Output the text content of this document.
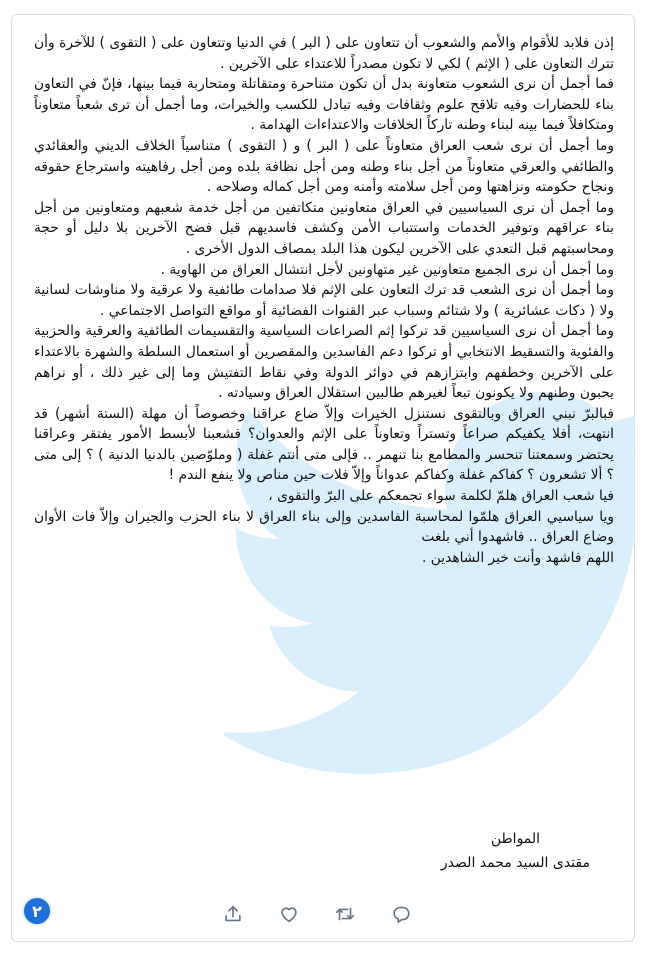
إذن فلابد للأقوام والأمم والشعوب أن تتعاون على ( البر ) في الدنيا وتتعاون على ( التقوى ) للآخرة وأن تترك التعاون على ( الإثم ) لكي لا تكون مصدراً للاعتداء على الآخرين .

فما أجمل أن نرى الشعوب متعاونة بدل أن تكون متناحرة ومتقاتلة ومتحاربة فيما بينها، فإنّ في التعاون بناء للحضارات وفيه تلاقح علوم وثقافات وفيه تبادل للكسب والخيرات، وما أجمل أن ترى شعباً متعاوناً ومتكافلاً فيما بينه لبناء وطنه تاركاً الخلافات والاعتداءات الهدامة .

وما أجمل أن نرى شعب العراق متعاوناً على ( البر ) و ( التقوى ) متناسياً الخلاف الديني والعقائدي والطائفي والعرقي متعاوناً من أجل بناء وطنه ومن أجل نظافة بلده ومن أجل رفاهيته واسترجاع حقوقه ونجاح حكومته ونزاهتها ومن أجل سلامته وأمنه ومن أجل كماله وصلاحه .

وما أجمل أن نرى السياسيين في العراق متعاونين متكاتفين من أجل خدمة شعبهم ومتعاونين من أجل بناء عراقهم وتوفير الخدمات واستتباب الأمن وكشف فاسديهم قبل فضح الآخرين بلا دليل أو حجة ومحاسبتهم قبل التعدي على الآخرين ليكون هذا البلد بمصاف الدول الأخرى .

وما أجمل أن نرى الجميع متعاونين غير متهاونين لأجل انتشال العراق من الهاوية .

وما أجمل أن نرى الشعب قد ترك التعاون على الإثم فلا صدامات طائفية ولا عرقية ولا مناوشات لسانية ولا ( دكات عشائرية ) ولا شتائم وسباب عبر القنوات الفضائية أو مواقع التواصل الاجتماعي .

وما أجمل أن نرى السياسيين قد تركوا إثم الصراعات السياسية والتقسيمات الطائفية والعرقية والحزبية والفئوية والتسقيط الانتخابي أو تركوا دعم الفاسدين والمقصرين أو استعمال السلطة والشهرة بالاعتداء على الآخرين وخطفهم وابتزازهم في دوائر الدولة وفي نقاط التفتيش وما إلى غير ذلك ، أو نراهم يحبون وطنهم ولا يكونون تبعاً لغيرهم طالبين استقلال العراق وسيادته .

فبالبرّ نبني العراق وبالتقوى نستنزل الخيرات وإلاّ ضاع عراقنا وخصوصاً أن مهلة (الستة أشهر) قد انتهت، أفلا يكفيكم صراعاً وتستراً وتعاوناً على الإثم والعدوان؟ فشعبنا لأبسط الأمور يفتقر وعراقنا يحتضر وسمعتنا تنحسر والمطامع بنا تنهمر .. فإلى متى أنتم غفلة ( وملوّصين بالدنيا الدنية ) ؟ إلى متى ؟ ألا تشعرون ؟ كفاكم غفلة وكفاكم عدواناً وإلاّ فلات حين مناص ولا ينفع الندم !

فيا شعب العراق هلمّ لكلمة سواء تجمعكم على البرّ والتقوى ،

ويا سياسيي العراق هلمّوا لمحاسبة الفاسدين وإلى بناء العراق لا بناء الحزب والجيران وإلاّ فات الأوان وضاع العراق .. فاشهدوا أني بلغت

اللهم فاشهد وأنت خير الشاهدين .

المواطن
مقتدى السيد محمد الصدر
٢
